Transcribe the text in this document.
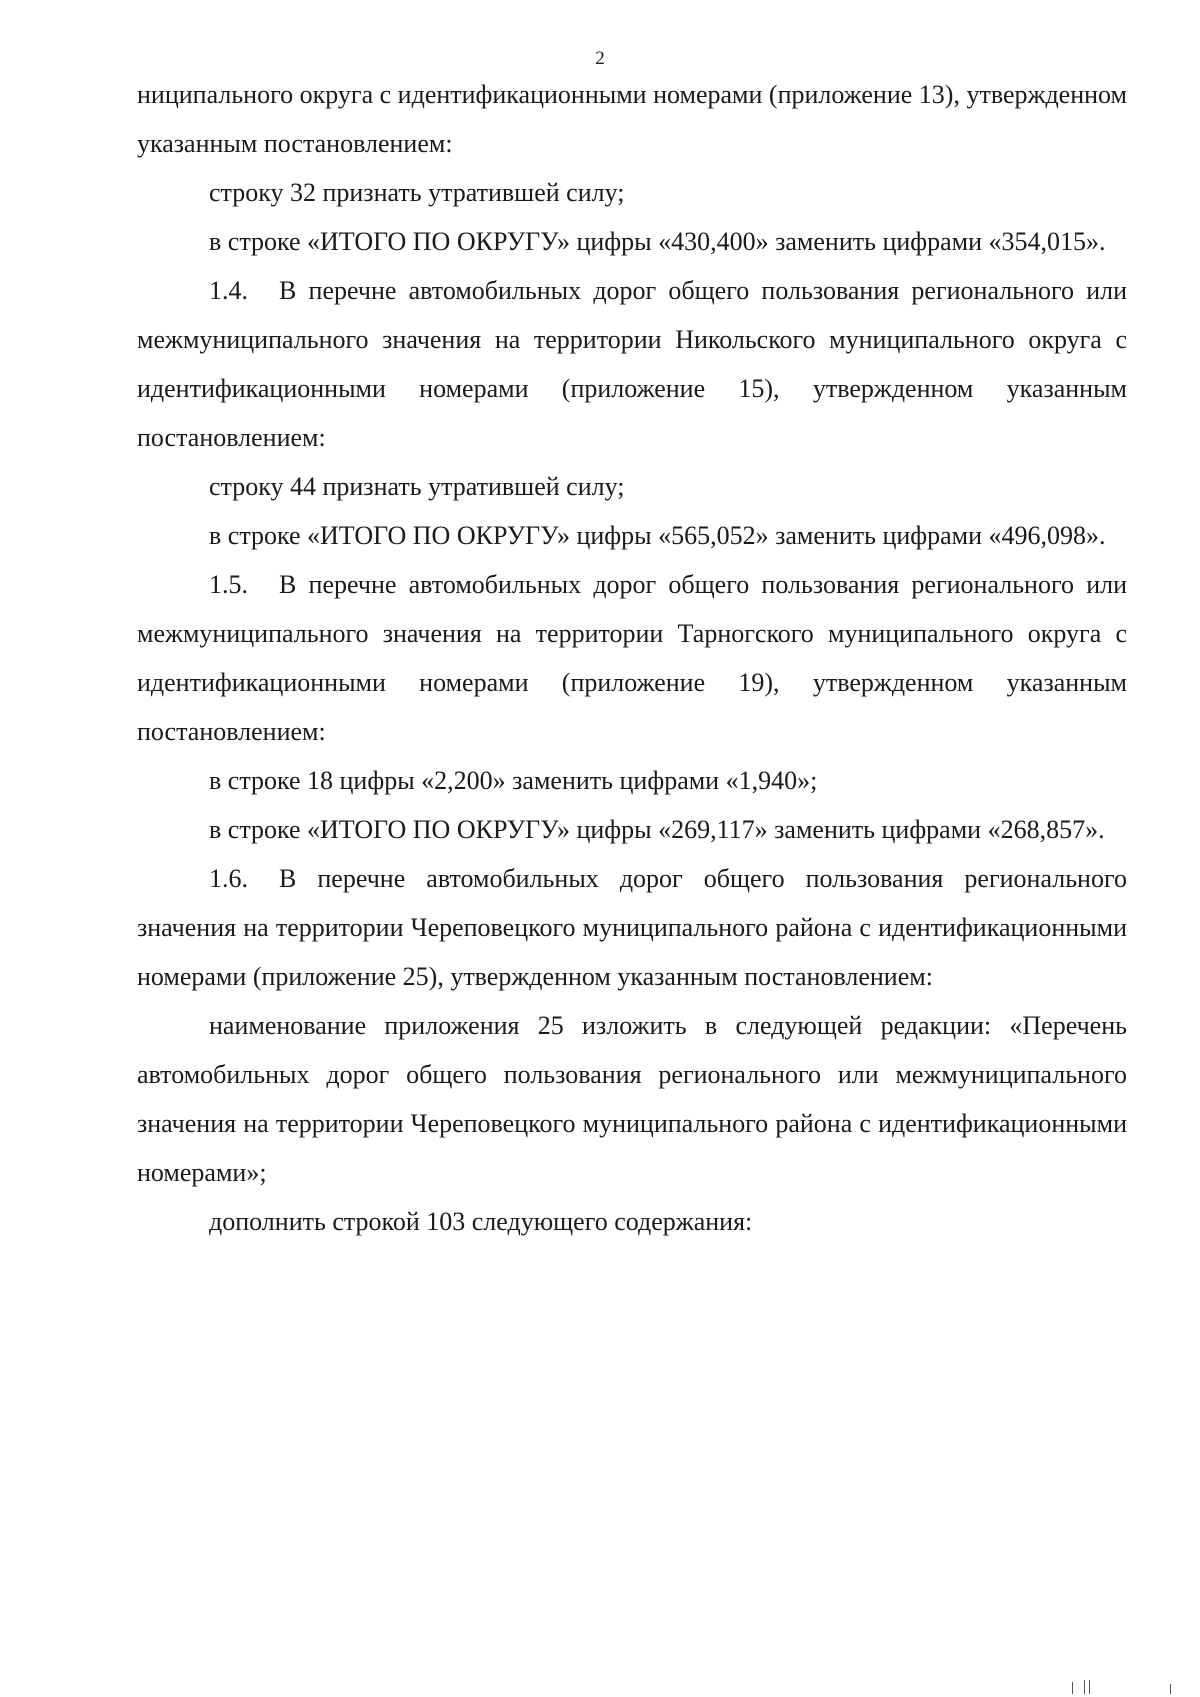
2

ниципального округа с идентификационными номерами (приложение 13), утвержденном указанным постановлением:

строку 32 признать утратившей силу;

в строке «ИТОГО ПО ОКРУГУ» цифры «430,400» заменить цифрами «354,015».

1.4. В перечне автомобильных дорог общего пользования регионального или межмуниципального значения на территории Никольского муниципального округа с идентификационными номерами (приложение 15), утвержденном указанным постановлением:

строку 44 признать утратившей силу;

в строке «ИТОГО ПО ОКРУГУ» цифры «565,052» заменить цифрами «496,098».

1.5. В перечне автомобильных дорог общего пользования регионального или межмуниципального значения на территории Тарногского муниципального округа с идентификационными номерами (приложение 19), утвержденном указанным постановлением:

в строке 18 цифры «2,200» заменить цифрами «1,940»;

в строке «ИТОГО ПО ОКРУГУ» цифры «269,117» заменить цифрами «268,857».

1.6. В перечне автомобильных дорог общего пользования регионального значения на территории Череповецкого муниципального района с идентификационными номерами (приложение 25), утвержденном указанным постановлением:

наименование приложения 25 изложить в следующей редакции: «Перечень автомобильных дорог общего пользования регионального или межмуниципального значения на территории Череповецкого муниципального района с идентификационными номерами»;

дополнить строкой 103 следующего содержания:
